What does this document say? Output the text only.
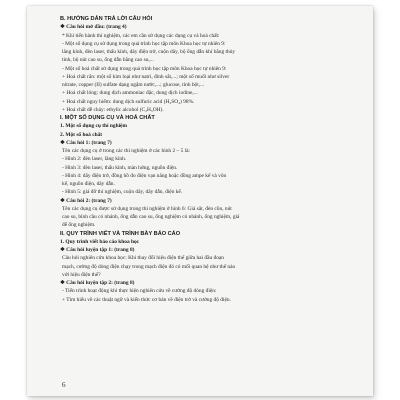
B. HƯỚNG DẪN TRẢ LỜI CÂU HỎI
❖ Câu hỏi mở đầu: (trang 4)
* Khi tiến hành thí nghiệm, các em cần sử dụng các dụng cụ và hoá chất:
- Một số dụng cụ sử dụng trong quá trình học tập môn Khoa học tự nhiên 9:
lăng kính, đèn laser, thấu kính, dây điện trở, cuộn dây, bộ ống dẫn khí bằng thủy
tinh, bộ nút cao su, ống dẫn bằng cao su,...
- Một số hoá chất sử dụng trong quá trình học tập môn Khoa học tự nhiên 9:
+ Hoá chất rắn: một số kim loại như natri, đinh sắt,...; một số muối như silver
nitrate, copper (II) sulfate dạng ngậm nước,...; glucose, tinh bột,...
+ Hoá chất lỏng: dung dịch ammoniac đặc, dung dịch iodine,...
+ Hoá chất nguy hiểm: dung dịch sulfuric acid (H₂SO₄) 98%.
+ Hoá chất dễ cháy: ethylic alcohol (C₂H₅OH).
I. MỘT SỐ DỤNG CỤ VÀ HOÁ CHẤT
1. Một số dụng cụ thí nghiệm
2. Một số hoá chất
❖ Câu hỏi 1: (trang 7)
Tên các dụng cụ ở trong các thí nghiệm ở các hình 2 – 5 là:
- Hình 2: đèn laser, lăng kính.
- Hình 3: đèn laser, thấu kính, màn hứng, nguồn điện.
- Hình 4: dây điện trở, đồng hồ đo điện vạn năng hoặc đồng ampe kế và vôn
kế, nguồn điện, dây dẫn.
- Hình 5: giá đỡ thí nghiệm, cuộn dây, dây dẫn, điện kế.
❖ Câu hỏi 2: (trang 7)
Tên các dụng cụ được sử dụng trong thí nghiệm ở hình 6: Giá sắt, đèn cồn, nút
cao su, bình cầu có nhánh, ống dẫn cao su, ống nghiệm có nhánh, ống nghiệm, giá
để ống nghiệm.
II. QUY TRÌNH VIẾT VÀ TRÌNH BÀY BÁO CÁO
1. Quy trình viết báo cáo khoa học
❖ Câu hỏi luyện tập 1: (trang 8)
Câu hỏi nghiên cứu khoa học: Khi thay đổi hiệu điện thế giữa hai đầu đoạn
mạch, cường độ dòng điện chạy trong mạch điện đó có mối quan hệ như thế nào
với hiệu điện thế?
❖ Câu hỏi luyện tập 2: (trang 8)
- Tiến trình hoạt động khi thực hiện nghiên cứu về cường độ dòng điện:
+ Tìm hiểu về các thuật ngữ và kiến thức cơ bản về điện trở và cường độ điện.
6
